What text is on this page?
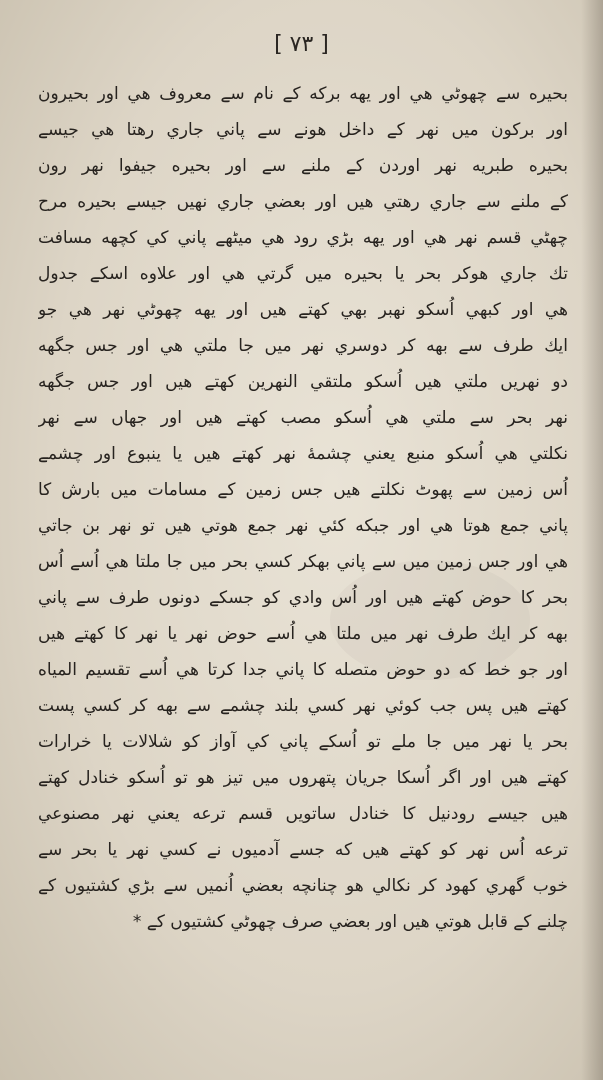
[ ٧٣ ]

بحيره سے چھوٹي هي اور يهه بركه كے نام سے معروف هي اور بحيرون

اور بركون ميں نهر كے داخل هونے سے پاني جاري رهتا هي جيسے

بحيره طبريه نهر اوردن كے ملنے سے اور بحيره جيفوا نهر رون

كے ملنے سے جاري رهتي هيں اور بعضي جاري نهيں جيسے بحيره مرح

چهٹي قسم نهر هي اور يهه بڑي رود هي ميٹهے پاني كي كچهه مسافت

تك جاري هوكر بحر يا بحيره ميں گرتي هي اور علاوه اسكے جدول

هي اور كبهي اُسكو نهبر بهي كهتے هيں اور يهه چهوٹي نهر هي جو

ايك طرف سے بهه كر دوسري نهر ميں جا ملتي هي اور جس جگهه

دو نهريں ملتي هيں اُسكو ملتقي النهرين كهتے هيں اور جس جگهه

نهر بحر سے ملتي هي اُسكو مصب كهتے هيں اور جهاں سے نهر

نكلتي هي اُسكو منبع يعني چشمهٔ نهر كهتے هيں يا ينبوع اور چشمے

اُس زمين سے پهوٹ نكلتے هيں جس زمين كے مسامات ميں بارش كا

پاني جمع هوتا هي اور جبكه كئي نهر جمع هوتي هيں تو نهر بن جاتي

هي اور جس زمين ميں سے پاني بهكر كسي بحر ميں جا ملتا هي اُسے اُس

بحر كا حوض كهتے هيں اور اُس وادي كو جسكے دونوں طرف سے پاني

بهه كر ايك طرف نهر ميں ملتا هي اُسے حوض نهر يا نهر كا كهتے هيں

اور جو خط كه دو حوض متصله كا پاني جدا كرتا هي اُسے تقسيم المياه

كهتے هيں پس جب كوئي نهر كسي بلند چشمے سے بهه كر كسي پست

بحر يا نهر ميں جا ملے تو اُسكے پاني كي آواز كو شلالات يا خرارات

كهتے هيں اور اگر اُسكا جريان پتهروں ميں تيز هو تو اُسكو خنادل كهتے

هيں جيسے رودنيل كا خنادل ساتويں قسم ترعه يعني نهر مصنوعي

ترعه اُس نهر كو كهتے هيں كه جسے آدميوں نے كسي نهر يا بحر سے

خوب گهري كهود كر نكالي هو چنانچه بعضي اُنميں سے بڑي كشتيوں كے

چلنے كے قابل هوتي هيں اور بعضي صرف چهوٹي كشتيوں كے *
